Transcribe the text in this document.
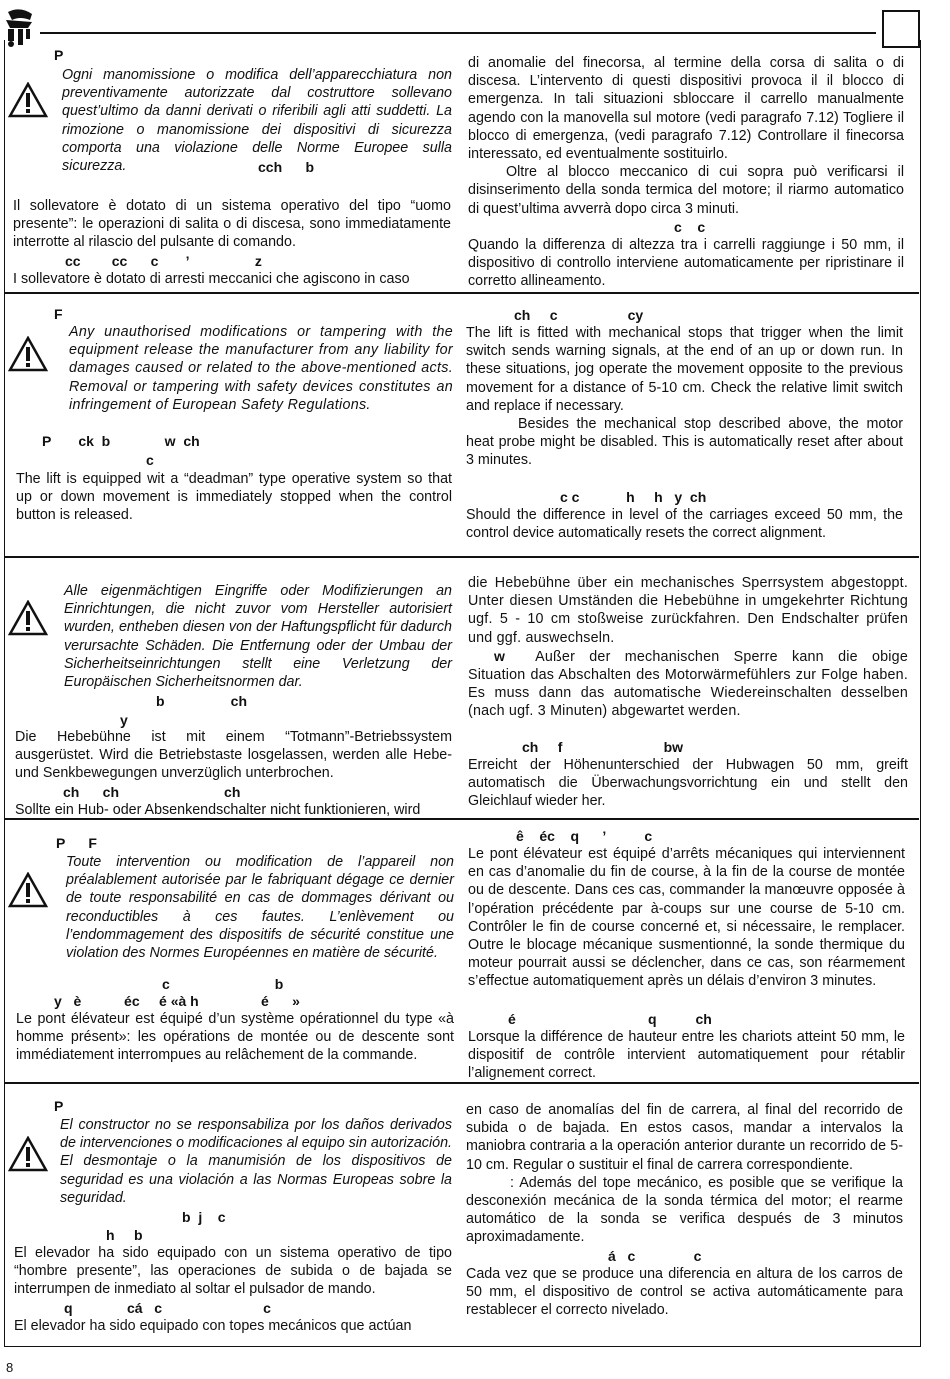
P

Ogni manomissione o modifica dell’apparecchiatura non preventivamente autorizzate dal costruttore sollevano quest’ultimo da danni derivati o riferibili agli atti suddetti. La rimozione o manomissione dei dispositivi di sicurezza comporta una violazione delle Norme Europee sulla sicurezza.	cch      b

Il sollevatore è dotato di un sistema operativo del tipo “uomo presente”: le operazioni di salita o di discesa, sono immediatamente interrotte al rilascio del pulsante di comando.

cc        cc      c       ’                 z

I sollevatore è dotato di arresti meccanici che agiscono in caso

di anomalie del finecorsa, al termine della corsa di salita o di discesa. L’intervento di questi dispositivi provoca il il blocco di emergenza. In tali situazioni sbloccare il carrello manualmente agendo con la manovella sul motore (vedi paragrafo 7.12) Togliere il blocco di emergenza, (vedi paragrafo 7.12) Controllare il finecorsa interessato, ed eventualmente sostituirlo.

Oltre al blocco meccanico di cui sopra può verificarsi il disinserimento della sonda termica del motore; il riarmo automatico di quest’ultima avverrà dopo circa 3 minuti.

c    c

Quando la differenza di altezza tra i carrelli raggiunge i 50 mm, il dispositivo di controllo interviene automaticamente per ripristinare il corretto allineamento.

F

Any unauthorised modifications or tampering with the equipment release the manufacturer from any liability for damages caused or related to the above-mentioned acts. Removal or tampering with safety devices constitutes an infringement of European Safety Regulations.

P       ck  b              w  ch
c

The lift is equipped wit a “deadman” type operative system so that up or down movement is immediately stopped when the control button is released.

ch     c                  cy

The lift is fitted with mechanical stops that trigger when the limit switch sends warning signals, at the end of an up or down run. In these situations, jog operate the movement opposite to the previous movement for a distance of 5-10 cm. Check the relative limit switch and replace if necessary.

Besides the mechanical stop described above, the motor heat probe might be disabled. This is automatically reset after about 3 minutes.

c c            h     h   y  ch

Should the difference in level of the carriages exceed 50 mm, the control device automatically resets the correct alignment.

Alle eigenmächtigen Eingriffe oder Modifizierungen an Einrichtungen, die nicht zuvor vom Hersteller autorisiert wurden, entheben diesen von der Haftungspflicht für dadurch verursachte Schäden. Die Entfernung oder der Umbau der Sicherheitseinrichtungen stellt eine Verletzung der Europäischen Sicherheitsnormen dar.

b                 ch
y

Die Hebebühne ist mit einem “Totmann”-Betriebssystem ausgerüstet. Wird die Betriebstaste losgelassen, werden alle Hebe- und Senkbewegungen unverzüglich unterbrochen.

ch      ch                           ch

Sollte ein Hub- oder Absenkendschalter nicht funktionieren, wird

die Hebebühne über ein mechanisches Sperrsystem abgestoppt. Unter diesen Umständen die Hebebühne in umgekehrter Richtung ugf. 5 - 10 cm stoßweise zurückfahren. Den Endschalter prüfen und ggf. auswechseln.

w Außer der mechanischen Sperre kann die obige Situation das Abschalten des Motorwärmefühlers zur Folge haben. Es muss dann das automatische Wiedereinschalten desselben (nach ugf. 3 Minuten) abgewartet werden.

ch     f                          bw

Erreicht der Höhenunterschied der Hubwagen 50 mm, greift automatisch die Überwachungsvorrichtung ein und stellt den Gleichlauf wieder her.

P      F

Toute intervention ou modification de l’appareil non préalablement autorisée par le fabriquant dégage ce dernier de toute responsabilité en cas de dommages dérivant ou reconductibles à ces fautes. L’enlèvement ou l’endommagement des dispositifs de sécurité constitue une violation des Normes Européennes en matière de sécurité.

c                           b
y   è           éc     é «à h                é      »

Le pont élévateur est équipé d’un système opérationnel du type «à homme présent»: les opérations de montée ou de descente sont immédiatement interrompues au relâchement de la commande.

ê    éc    q      ’          c

Le pont élévateur est équipé d’arrêts mécaniques qui interviennent en cas d’anomalie du fin de course, à la fin de la course de montée ou de descente. Dans ces cas, commander la manœuvre opposée à l’opération précédente par à-coups sur une course de 5-10 cm. Contrôler le fin de course concerné et, si nécessaire, le remplacer. Outre le blocage mécanique susmentionné, la sonde thermique du moteur pourrait aussi se déclencher, dans ce cas, son réarmement s’effectue automatiquement après un délais d’environ 3 minutes.

é                                  q          ch

Lorsque la différence de hauteur entre les chariots atteint 50 mm, le dispositif de contrôle intervient automatiquement pour rétablir l’alignement correct.

P

El constructor no se responsabiliza por los daños derivados de intervenciones o modificaciones al equipo sin autorización. El desmontaje o la manumisión de los dispositivos de seguridad es una violación a las Normas Europeas sobre la seguridad.

b  j    c
h     b

El elevador ha sido equipado con un sistema operativo de tipo “hombre presente”, las operaciones de subida o de bajada se interrumpen de inmediato al soltar el pulsador de mando.

q              cá   c                          c

El elevador ha sido equipado con topes mecánicos que actúan

en caso de anomalías del fin de carrera, al final del recorrido de subida o de bajada. En estos casos, mandar a intervalos la maniobra contraria a la operación anterior durante un recorrido de 5-10 cm. Regular o sustituir el final de carrera correspondiente.

: Además del tope mecánico, es posible que se verifique la desconexión mecánica de la sonda térmica del motor; el rearme automático de la sonda se verifica después de 3 minutos aproximadamente.

á   c               c

Cada vez que se produce una diferencia en altura de los carros de 50 mm, el dispositivo de control se activa automáticamente para restablecer el correcto nivelado.

8
